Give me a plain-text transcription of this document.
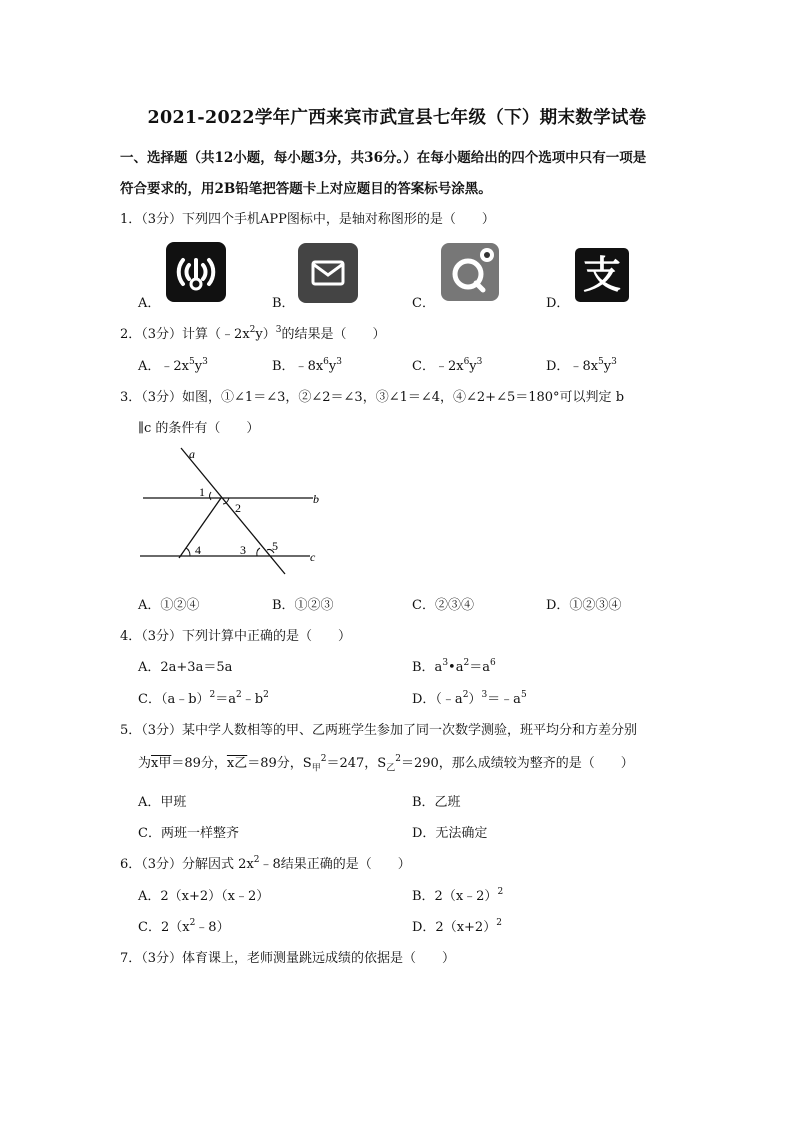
2021-2022学年广西来宾市武宣县七年级（下）期末数学试卷
一、选择题（共12小题，每小题3分，共36分。）在每小题给出的四个选项中只有一项是
符合要求的，用2B铅笔把答题卡上对应题目的答案标号涂黑。
1．（3分）下列四个手机APP图标中，是轴对称图形的是（　　）
A．	B．	C．	D．
支
2．（3分）计算$(﹣2x^2y)^3$的结果是（　　）
A．$﹣2x^5y^3$	B．$﹣8x^6y^3$	C．$﹣2x^6y^3$	D．$﹣8x^5y^3$
3．（3分）如图，①∠1＝∠3，②∠2＝∠3，③∠1＝∠4，④∠2+∠5＝180°可以判定 b
∥c 的条件有（　　）
a
b
c
1
2
3
4	5
A．①②④	B．①②③	C．②③④	D．①②③④
4．（3分）下列计算中正确的是（　　）
A．2a+3a＝5a	B．$a^3•a^2=a^6$
C．$(a﹣b)^2=a^2﹣b^2$	D．$(﹣a^2)^3=﹣a^5$
5．（3分）某中学人数相等的甲、乙两班学生参加了同一次数学测验，班平均分和方差分别
为x甲＝89分，x乙＝89分，$S_甲^2=247$，$S_乙^2=290$，那么成绩较为整齐的是（　　）
A．甲班	B．乙班
C．两班一样整齐	D．无法确定
6．（3分）分解因式 $2x^2﹣8$结果正确的是（　　）
A．2（x+2）（x﹣2）	B．2（x﹣2）$^2$
C．$2(x^2﹣8)$	D．$2(x+2)^2$
7．（3分）体育课上，老师测量跳远成绩的依据是（　　）
